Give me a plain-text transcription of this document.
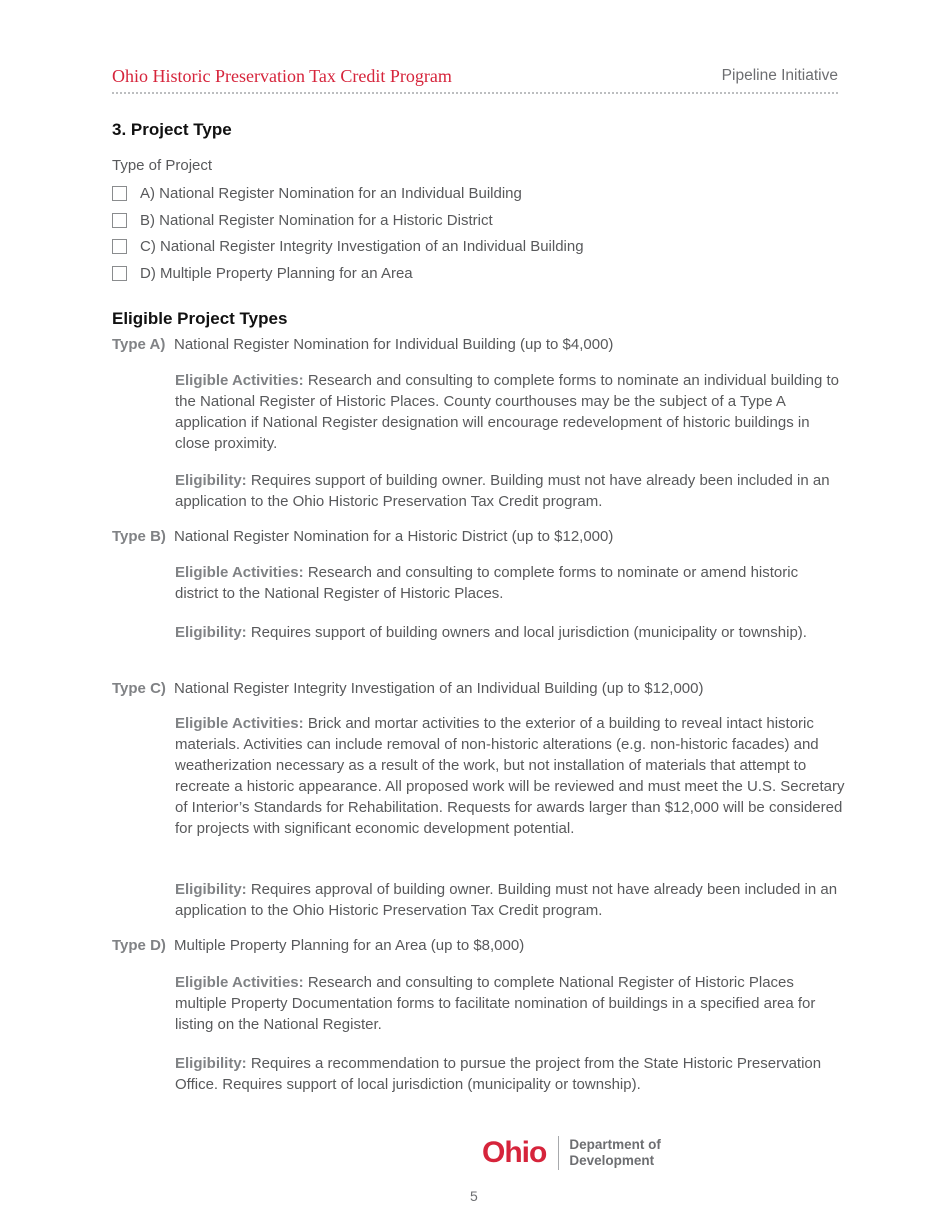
Ohio Historic Preservation Tax Credit Program	Pipeline Initiative
3. Project Type
Type of Project
A) National Register Nomination for an Individual Building
B) National Register Nomination for a Historic District
C) National Register Integrity Investigation of an Individual Building
D) Multiple Property Planning for an Area
Eligible Project Types
Type A) National Register Nomination for Individual Building (up to $4,000)
Eligible Activities: Research and consulting to complete forms to nominate an individual building to the National Register of Historic Places. County courthouses may be the subject of a Type A application if National Register designation will encourage redevelopment of historic buildings in close proximity.
Eligibility: Requires support of building owner. Building must not have already been included in an application to the Ohio Historic Preservation Tax Credit program.
Type B) National Register Nomination for a Historic District (up to $12,000)
Eligible Activities: Research and consulting to complete forms to nominate or amend historic district to the National Register of Historic Places.
Eligibility: Requires support of building owners and local jurisdiction (municipality or township).
Type C) National Register Integrity Investigation of an Individual Building (up to $12,000)
Eligible Activities: Brick and mortar activities to the exterior of a building to reveal intact historic materials. Activities can include removal of non-historic alterations (e.g. non-historic facades) and weatherization necessary as a result of the work, but not installation of materials that attempt to recreate a historic appearance. All proposed work will be reviewed and must meet the U.S. Secretary of Interior’s Standards for Rehabilitation. Requests for awards larger than $12,000 will be considered for projects with significant economic development potential.
Eligibility: Requires approval of building owner. Building must not have already been included in an application to the Ohio Historic Preservation Tax Credit program.
Type D) Multiple Property Planning for an Area (up to $8,000)
Eligible Activities: Research and consulting to complete National Register of Historic Places multiple Property Documentation forms to facilitate nomination of buildings in a specified area for listing on the National Register.
Eligibility: Requires a recommendation to pursue the project from the State Historic Preservation Office. Requires support of local jurisdiction (municipality or township).
Ohio	Department of
Development
5
